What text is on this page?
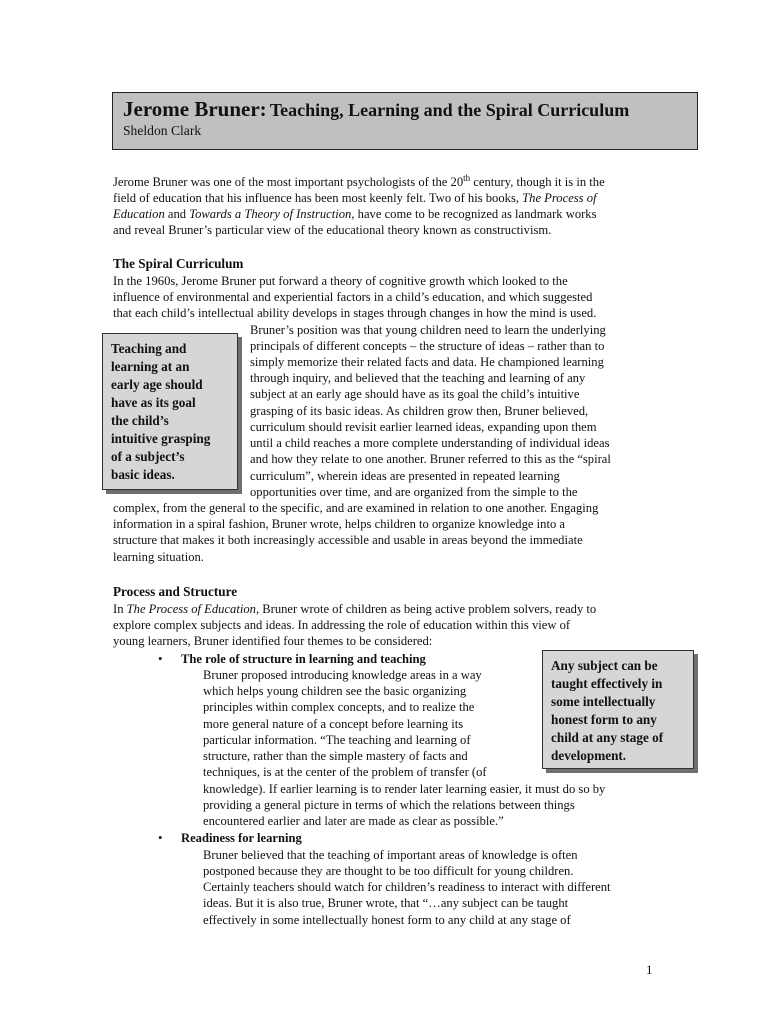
Jerome Bruner: Teaching, Learning and the Spiral Curriculum
Sheldon Clark
Jerome Bruner was one of the most important psychologists of the 20th century, though it is in the
field of education that his influence has been most keenly felt. Two of his books, The Process of
Education and Towards a Theory of Instruction, have come to be recognized as landmark works
and reveal Bruner’s particular view of the educational theory known as constructivism.
The Spiral Curriculum
In the 1960s, Jerome Bruner put forward a theory of cognitive growth which looked to the
influence of environmental and experiential factors in a child’s education, and which suggested
that each child’s intellectual ability develops in stages through changes in how the mind is used.
Bruner’s position was that young children need to learn the underlying
principals of different concepts – the structure of ideas – rather than to
simply memorize their related facts and data. He championed learning
through inquiry, and believed that the teaching and learning of any
subject at an early age should have as its goal the child’s intuitive
grasping of its basic ideas. As children grow then, Bruner believed,
curriculum should revisit earlier learned ideas, expanding upon them
until a child reaches a more complete understanding of individual ideas
and how they relate to one another. Bruner referred to this as the “spiral
curriculum”, wherein ideas are presented in repeated learning
opportunities over time, and are organized from the simple to the
complex, from the general to the specific, and are examined in relation to one another. Engaging
information in a spiral fashion, Bruner wrote, helps children to organize knowledge into a
structure that makes it both increasingly accessible and usable in areas beyond the immediate
learning situation.
Teaching and
learning at an
early age should
have as its goal
the child’s
intuitive grasping
of a subject’s
basic ideas.
Process and Structure
In The Process of Education, Bruner wrote of children as being active problem solvers, ready to
explore complex subjects and ideas. In addressing the role of education within this view of
young learners, Bruner identified four themes to be considered:
• The role of structure in learning and teaching
Bruner proposed introducing knowledge areas in a way
which helps young children see the basic organizing
principles within complex concepts, and to realize the
more general nature of a concept before learning its
particular information. “The teaching and learning of
structure, rather than the simple mastery of facts and
techniques, is at the center of the problem of transfer (of
knowledge). If earlier learning is to render later learning easier, it must do so by
providing a general picture in terms of which the relations between things
encountered earlier and later are made as clear as possible.”
Any subject can be
taught effectively in
some intellectually
honest form to any
child at any stage of
development.
• Readiness for learning
Bruner believed that the teaching of important areas of knowledge is often
postponed because they are thought to be too difficult for young children.
Certainly teachers should watch for children’s readiness to interact with different
ideas. But it is also true, Bruner wrote, that “…any subject can be taught
effectively in some intellectually honest form to any child at any stage of
1
